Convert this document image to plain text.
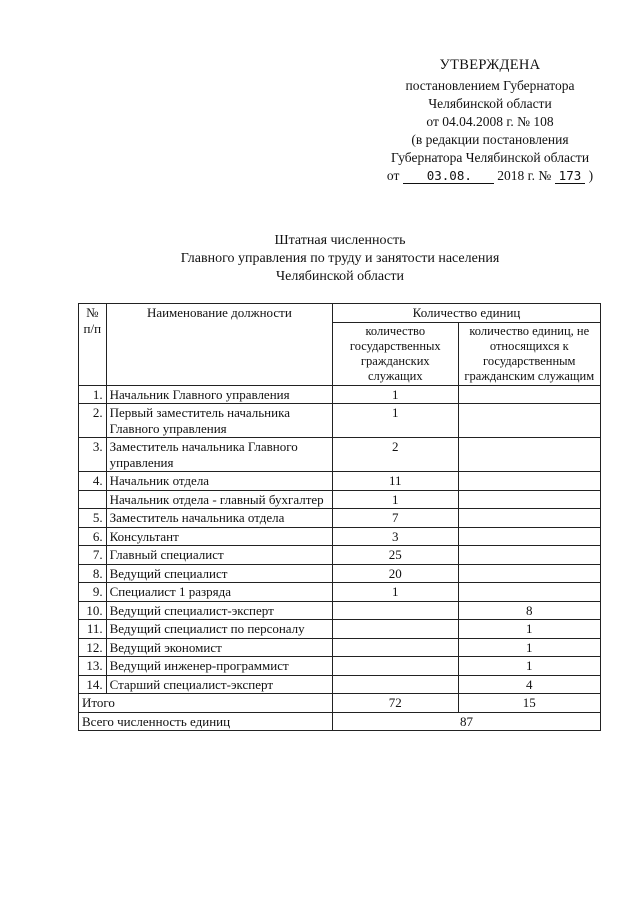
УТВЕРЖДЕНА
постановлением Губернатора
Челябинской области
от 04.04.2008 г. № 108
(в редакции постановления
Губернатора Челябинской области
от 03.08. 2018 г. № 173 )
Штатная численность
Главного управления по труду и занятости населения
Челябинской области
№
п/п	Наименование должности	Количество единиц	
		количество государственных гражданских служащих	количество единиц, не относящихся к государственным гражданским служащим
1.	Начальник Главного управления	1	
2.	Первый заместитель начальника Главного управления	1	
3.	Заместитель начальника Главного управления	2	
4.	Начальник отдела	11	
	Начальник отдела - главный бухгалтер	1	
5.	Заместитель начальника отдела	7	
6.	Консультант	3	
7.	Главный специалист	25	
8.	Ведущий специалист	20	
9.	Специалист 1 разряда	1	
10.	Ведущий специалист-эксперт		8
11.	Ведущий специалист по персоналу		1
12.	Ведущий экономист		1
13.	Ведущий инженер-программист		1
14.	Старший специалист-эксперт		4
Итого		72	15
Всего численность единиц		87	
